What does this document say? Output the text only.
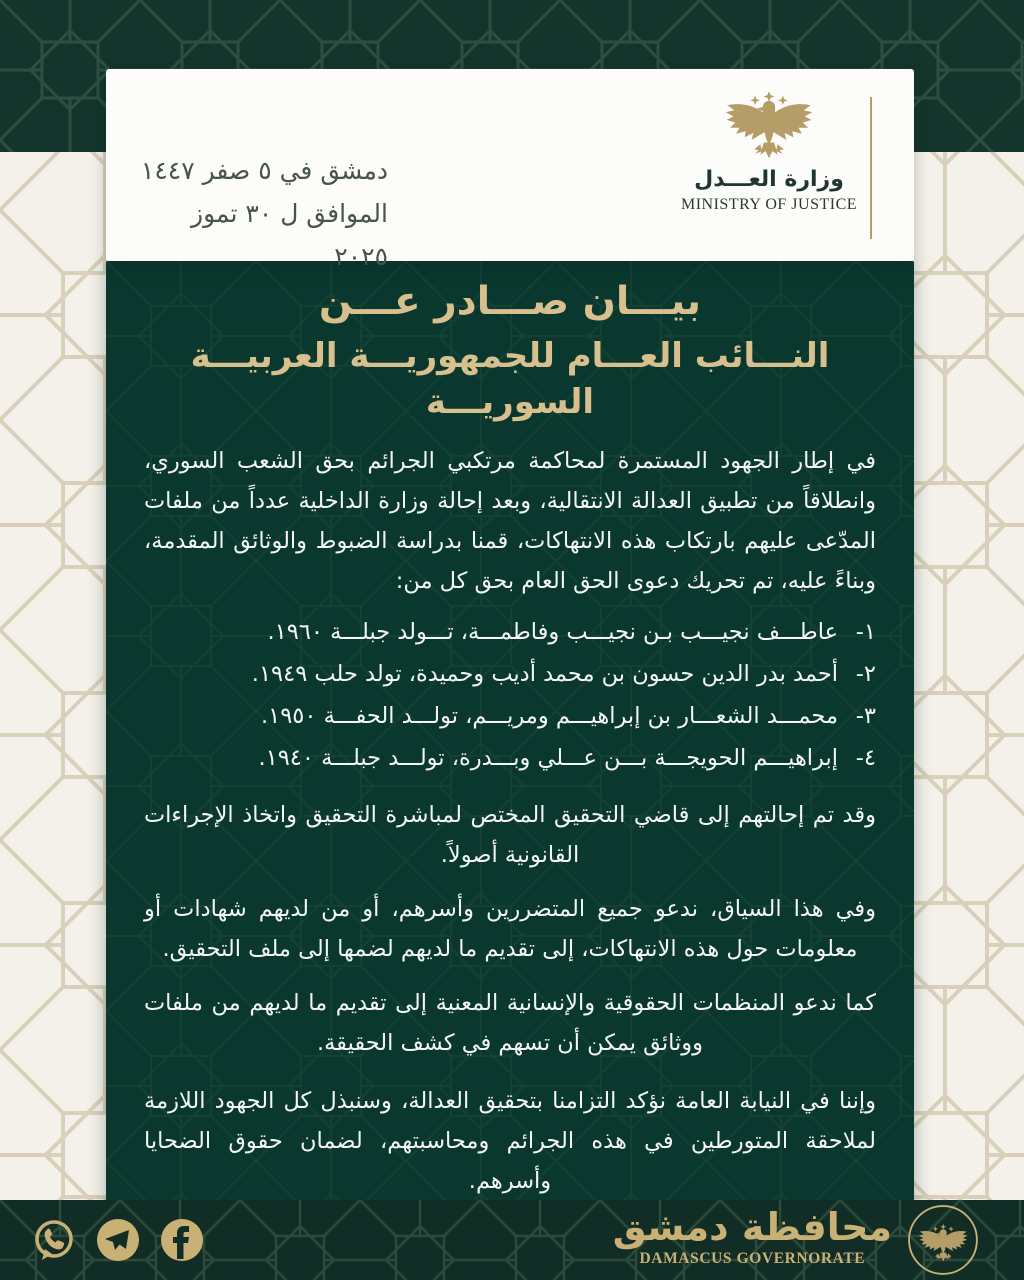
دمشق في ٥ صفر ١٤٤٧
الموافق ل ٣٠ تموز ٢٠٢٥
وزارة العـــدل
MINISTRY OF JUSTICE
بيـــان صـــادر عـــن
النـــائب العـــام للجمهوريـــة العربيـــة السوريـــة

في إطار الجهود المستمرة لمحاكمة مرتكبي الجرائم بحق الشعب السوري، وانطلاقاً من تطبيق العدالة الانتقالية، وبعد إحالة وزارة الداخلية عدداً من ملفات المدّعى عليهم بارتكاب هذه الانتهاكات، قمنا بدراسة الضبوط والوثائق المقدمة، وبناءً عليه، تم تحريك دعوى الحق العام بحق كل من:

١-
عاطـــف نجيـــب بـن نجيـــب وفاطمـــة، تـــولد جبلـــة ١٩٦٠.
٢-
أحمد بدر الدين حسون بن محمد أديب وحميدة، تولد حلب ١٩٤٩.
٣-
محمـــد الشعـــار بن إبراهيـــم ومريـــم، تولـــد الحفـــة ١٩٥٠.
٤-
إبراهيـــم الحويجـــة بـــن عـــلي وبـــدرة، تولـــد جبلـــة ١٩٤٠.

وقد تم إحالتهم إلى قاضي التحقيق المختص لمباشرة التحقيق واتخاذ الإجراءات القانونية أصولاً.

وفي هذا السياق، ندعو جميع المتضررين وأسرهم، أو من لديهم شهادات أو معلومات حول هذه الانتهاكات، إلى تقديم ما لديهم لضمها إلى ملف التحقيق.

كما ندعو المنظمات الحقوقية والإنسانية المعنية إلى تقديم ما لديهم من ملفات ووثائق يمكن أن تسهم في كشف الحقيقة.

وإننا في النيابة العامة نؤكد التزامنا بتحقيق العدالة، وسنبذل كل الجهود اللازمة لملاحقة المتورطين في هذه الجرائم ومحاسبتهم، لضمان حقوق الضحايا وأسرهم.

محافظة دمشق
DAMASCUS GOVERNORATE
